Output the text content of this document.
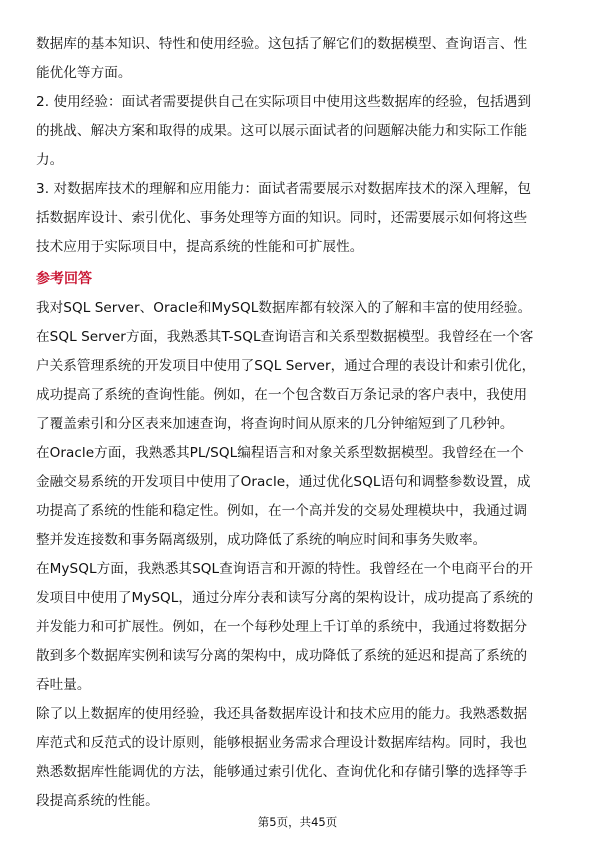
数据库的基本知识、特性和使用经验。这包括了解它们的数据模型、查询语言、性
能优化等方面。
2. 使用经验：面试者需要提供自己在实际项目中使用这些数据库的经验，包括遇到
的挑战、解决方案和取得的成果。这可以展示面试者的问题解决能力和实际工作能
力。
3. 对数据库技术的理解和应用能力：面试者需要展示对数据库技术的深入理解，包
括数据库设计、索引优化、事务处理等方面的知识。同时，还需要展示如何将这些
技术应用于实际项目中，提高系统的性能和可扩展性。
参考回答
我对SQL Server、Oracle和MySQL数据库都有较深入的了解和丰富的使用经验。
在SQL Server方面，我熟悉其T-SQL查询语言和关系型数据模型。我曾经在一个客
户关系管理系统的开发项目中使用了SQL Server，通过合理的表设计和索引优化，
成功提高了系统的查询性能。例如，在一个包含数百万条记录的客户表中，我使用
了覆盖索引和分区表来加速查询，将查询时间从原来的几分钟缩短到了几秒钟。
在Oracle方面，我熟悉其PL/SQL编程语言和对象关系型数据模型。我曾经在一个
金融交易系统的开发项目中使用了Oracle，通过优化SQL语句和调整参数设置，成
功提高了系统的性能和稳定性。例如，在一个高并发的交易处理模块中，我通过调
整并发连接数和事务隔离级别，成功降低了系统的响应时间和事务失败率。
在MySQL方面，我熟悉其SQL查询语言和开源的特性。我曾经在一个电商平台的开
发项目中使用了MySQL，通过分库分表和读写分离的架构设计，成功提高了系统的
并发能力和可扩展性。例如，在一个每秒处理上千订单的系统中，我通过将数据分
散到多个数据库实例和读写分离的架构中，成功降低了系统的延迟和提高了系统的
吞吐量。
除了以上数据库的使用经验，我还具备数据库设计和技术应用的能力。我熟悉数据
库范式和反范式的设计原则，能够根据业务需求合理设计数据库结构。同时，我也
熟悉数据库性能调优的方法，能够通过索引优化、查询优化和存储引擎的选择等手
段提高系统的性能。
第5页，共45页
